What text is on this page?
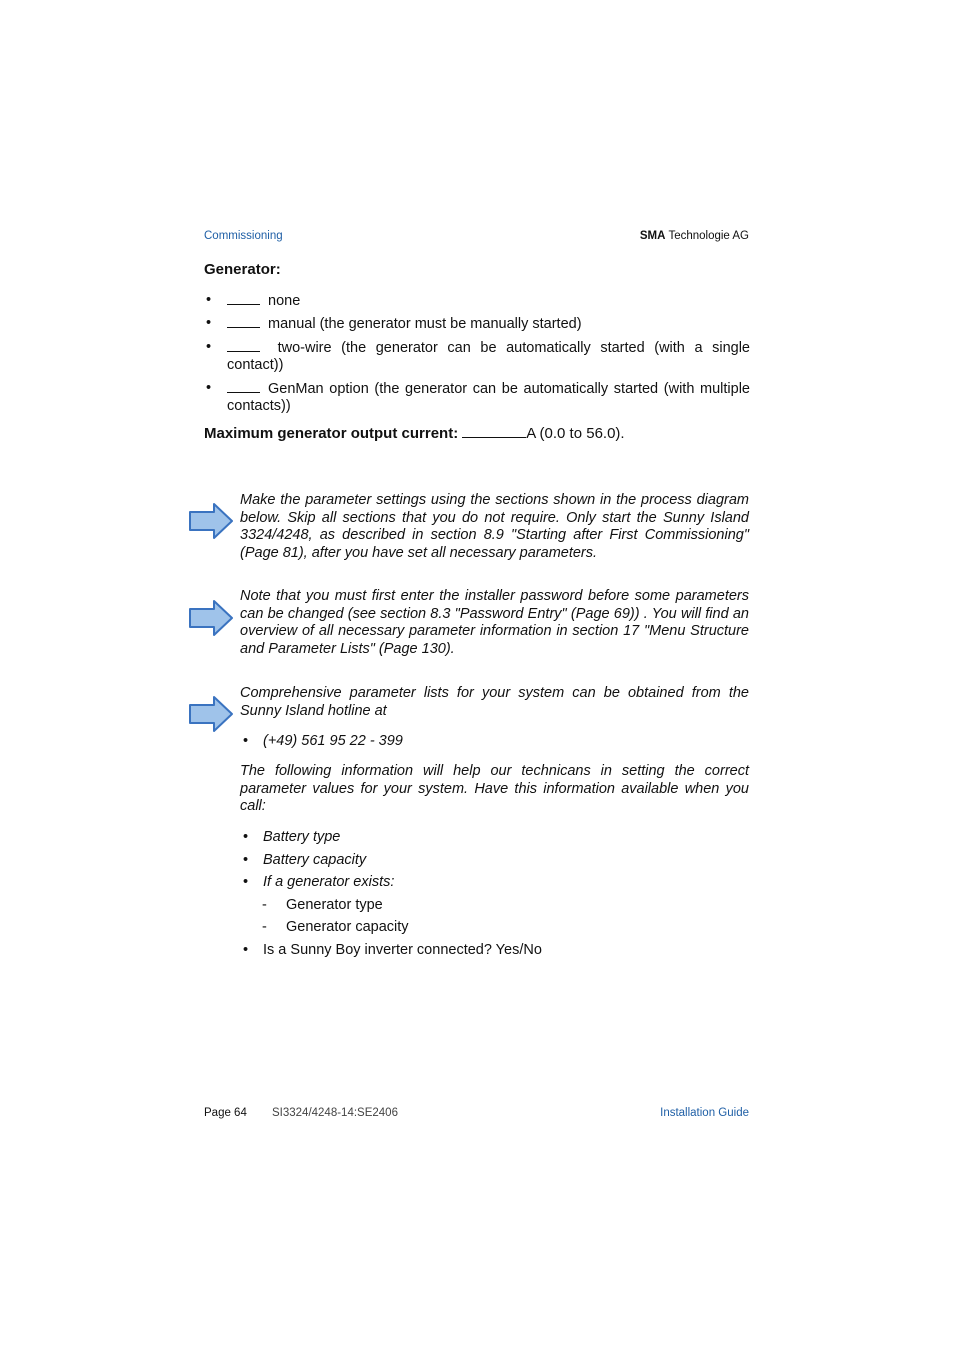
Commissioning	SMA Technologie AG
Generator:
•	none
•	manual (the generator must be manually started)
•	two-wire (the generator can be automatically started (with a single contact))
•	GenMan option (the generator can be automatically started (with multiple contacts))
Maximum generator output current:	A (0.0 to 56.0).
Make the parameter settings using the sections shown in the process diagram below. Skip all sections that you do not require. Only start the Sunny Island 3324/4248, as described in section 8.9 "Starting after First Commissioning" (Page 81), after you have set all necessary parameters.
Note that you must first enter the installer password before some parameters can be changed (see section 8.3 "Password Entry" (Page 69)) . You will find an overview of all necessary parameter information in section 17 "Menu Structure and Parameter Lists" (Page 130).
Comprehensive parameter lists for your system can be obtained from the Sunny Island hotline at
• (+49) 561 95 22 - 399
The following information will help our technicans in setting the correct parameter values for your system. Have this information available when you call:
• Battery type
• Battery capacity
• If a generator exists:
- Generator type
- Generator capacity
• Is a Sunny Boy inverter connected? Yes/No
Page 64 SI3324/4248-14:SE2406	Installation Guide
